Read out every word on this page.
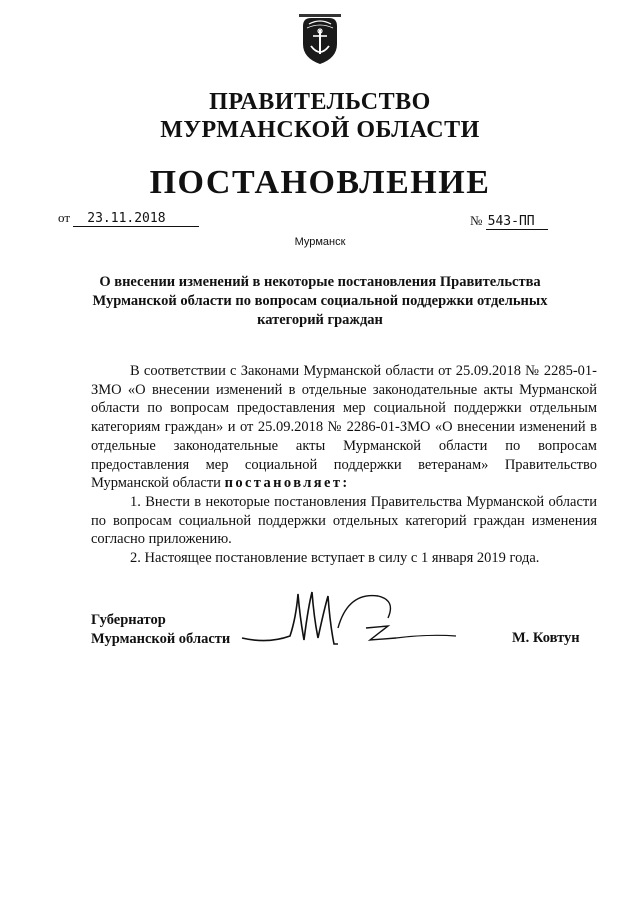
ПРАВИТЕЛЬСТВО
МУРМАНСКОЙ ОБЛАСТИ
ПОСТАНОВЛЕНИЕ
от 23.11.2018	№ 543-ПП
Мурманск
О внесении изменений в некоторые постановления Правительства Мурманской области по вопросам социальной поддержки отдельных категорий граждан

В соответствии с Законами Мурманской области от 25.09.2018 № 2285-01-ЗМО «О внесении изменений в отдельные законодательные акты Мурманской области по вопросам предоставления мер социальной поддержки отдельным категориям граждан» и от 25.09.2018 № 2286-01-ЗМО «О внесении изменений в отдельные законодательные акты Мурманской области по вопросам предоставления мер социальной поддержки ветеранам» Правительство Мурманской области постановляет:

1. Внести в некоторые постановления Правительства Мурманской области по вопросам социальной поддержки отдельных категорий граждан изменения согласно приложению.

2. Настоящее постановление вступает в силу с 1 января 2019 года.

Губернатор
Мурманской области	М. Ковтун
